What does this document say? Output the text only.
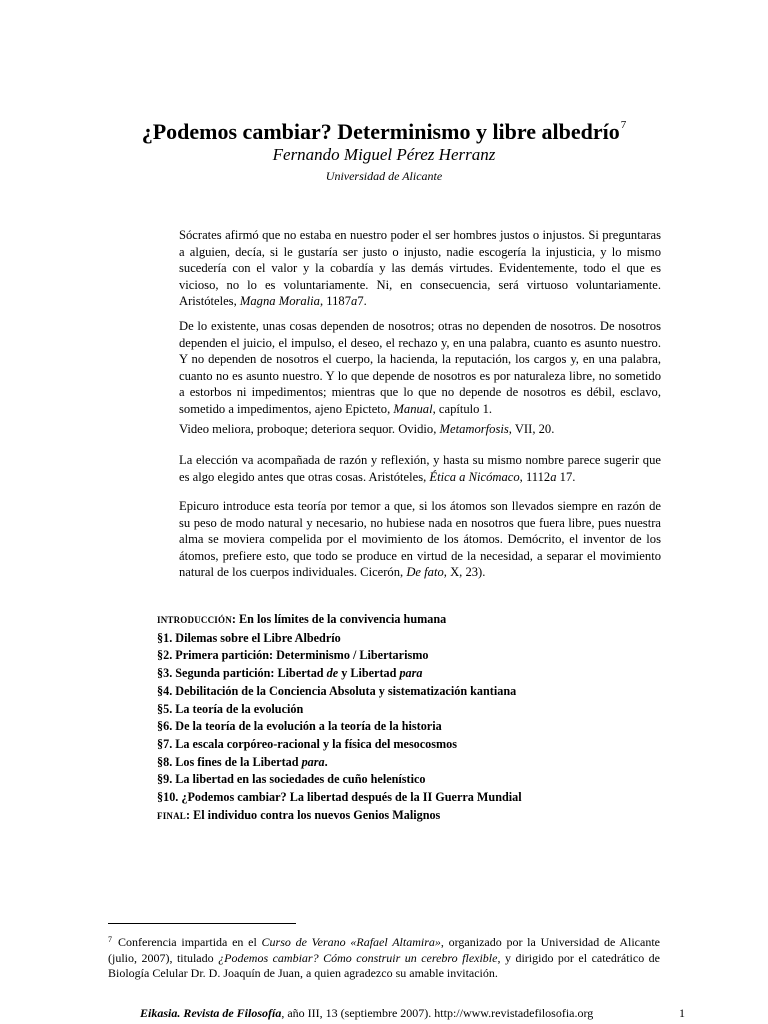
¿Podemos cambiar? Determinismo y libre albedrío$^7$
Fernando Miguel Pérez Herranz
Universidad de Alicante

Sócrates afirmó que no estaba en nuestro poder el ser hombres justos o injustos. Si preguntaras a alguien, decía, si le gustaría ser justo o injusto, nadie escogería la injusticia, y lo mismo sucedería con el valor y la cobardía y las demás virtudes. Evidentemente, todo el que es vicioso, no lo es voluntariamente. Ni, en consecuencia, será virtuoso voluntariamente. Aristóteles, Magna Moralia, 1187a7.

De lo existente, unas cosas dependen de nosotros; otras no dependen de nosotros. De nosotros dependen el juicio, el impulso, el deseo, el rechazo y, en una palabra, cuanto es asunto nuestro. Y no dependen de nosotros el cuerpo, la hacienda, la reputación, los cargos y, en una palabra, cuanto no es asunto nuestro. Y lo que depende de nosotros es por naturaleza libre, no sometido a estorbos ni impedimentos; mientras que lo que no depende de nosotros es débil, esclavo, sometido a impedimentos, ajeno Epicteto, Manual, capítulo 1.

Video meliora, proboque; deteriora sequor. Ovidio, Metamorfosis, VII, 20.

La elección va acompañada de razón y reflexión, y hasta su mismo nombre parece sugerir que es algo elegido antes que otras cosas. Aristóteles, Ética a Nicómaco, 1112a 17.

Epicuro introduce esta teoría por temor a que, si los átomos son llevados siempre en razón de su peso de modo natural y necesario, no hubiese nada en nosotros que fuera libre, pues nuestra alma se moviera compelida por el movimiento de los átomos. Demócrito, el inventor de los átomos, prefiere esto, que todo se produce en virtud de la necesidad, a separar el movimiento natural de los cuerpos individuales. Cicerón, De fato, X, 23).

INTRODUCCIÓN: En los límites de la convivencia humana
§1. Dilemas sobre el Libre Albedrío
§2. Primera partición: Determinismo / Libertarismo
§3. Segunda partición: Libertad de y Libertad para
§4. Debilitación de la Conciencia Absoluta y sistematización kantiana
§5. La teoría de la evolución
§6. De la teoría de la evolución a la teoría de la historia
§7. La escala corpóreo-racional y la física del mesocosmos
§8. Los fines de la Libertad para.
§9. La libertad en las sociedades de cuño helenístico
§10. ¿Podemos cambiar? La libertad después de la II Guerra Mundial
FINAL: El individuo contra los nuevos Genios Malignos

$^7$ Conferencia impartida en el Curso de Verano «Rafael Altamira», organizado por la Universidad de Alicante (julio, 2007), titulado ¿Podemos cambiar? Cómo construir un cerebro flexible, y dirigido por el catedrático de Biología Celular Dr. D. Joaquín de Juan, a quien agradezco su amable invitación.

Eikasia. Revista de Filosofía, año III, 13 (septiembre 2007). http://www.revistadefilosofia.org	1
